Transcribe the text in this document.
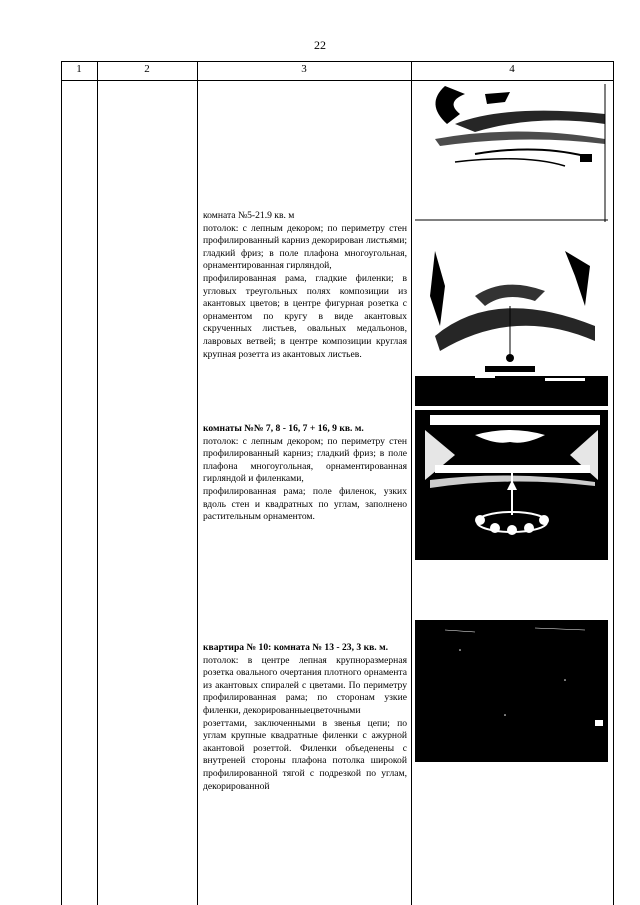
22
1	2	3	4

комната №5-21.9 кв. м

потолок: с лепным декором; по периметру стен профилированный карниз декорирован листьями; гладкий фриз; в поле плафона многоугольная, орнаментированная гирляндой,

профилированная рама, гладкие филенки; в угловых треугольных полях композиции из акантовых цветов; в центре фигурная розетка с орнаментом по кругу в виде акантовых скрученных листьев, овальных медальонов, лавровых ветвей; в центре композиции круглая крупная розетта из акантовых листьев.

комнаты №№ 7, 8 - 16, 7 + 16, 9 кв. м.

потолок: с лепным декором; по периметру стен профилированный карниз; гладкий фриз; в поле плафона многоугольная, орнаментированная гирляндой и филенками,

профилированная рама; поле филенок, узких вдоль стен и квадратных по углам, заполнено растительным орнаментом.

квартира № 10: комната № 13 - 23, 3 кв. м.

потолок: в центре лепная крупноразмерная розетка овального очертания плотного орнамента из акантовых спиралей с цветами. По периметру профилированная рама; по сторонам узкие филенки, декорированныецветочными

розеттами, заключенными в звенья цепи; по углам крупные квадратные филенки с ажурной акантовой розеттой. Филенки объеденены с внутреней стороны плафона потолка широкой профилированной тягой с подрезкой по углам, декорированной
